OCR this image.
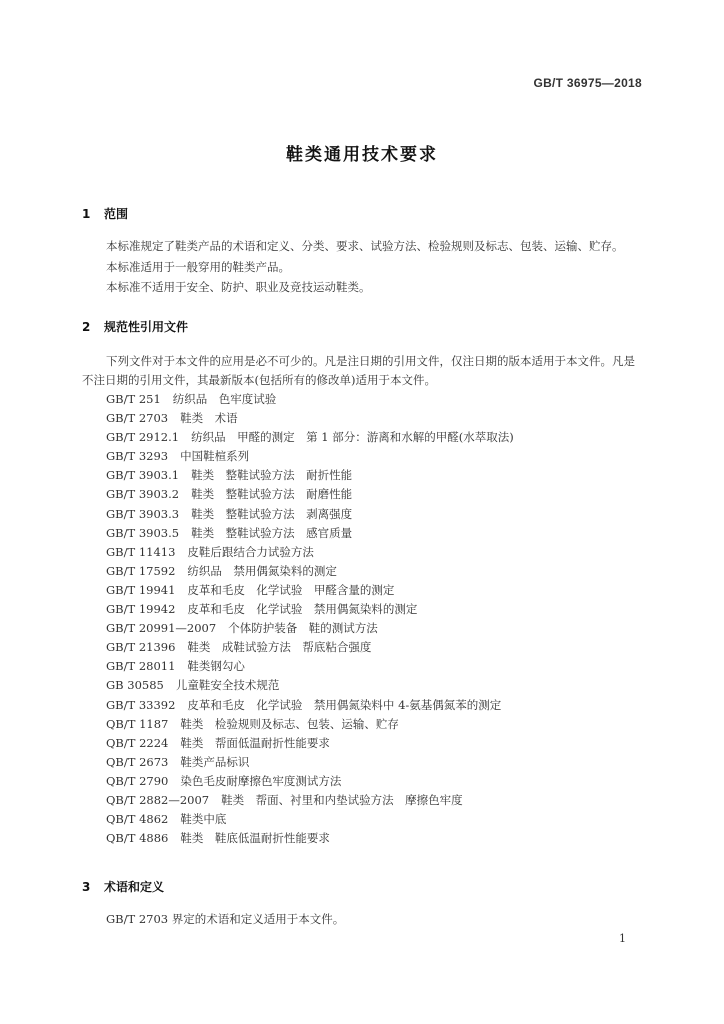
GB/T 36975—2018
鞋类通用技术要求
1 范围
本标准规定了鞋类产品的术语和定义、分类、要求、试验方法、检验规则及标志、包装、运输、贮存。
本标准适用于一般穿用的鞋类产品。
本标准不适用于安全、防护、职业及竞技运动鞋类。
2 规范性引用文件
下列文件对于本文件的应用是必不可少的。凡是注日期的引用文件，仅注日期的版本适用于本文件。凡是不注日期的引用文件，其最新版本(包括所有的修改单)适用于本文件。
GB/T 251 纺织品　色牢度试验
GB/T 2703 鞋类　术语
GB/T 2912.1 纺织品　甲醛的测定　第 1 部分：游离和水解的甲醛(水萃取法)
GB/T 3293 中国鞋楦系列
GB/T 3903.1 鞋类　整鞋试验方法　耐折性能
GB/T 3903.2 鞋类　整鞋试验方法　耐磨性能
GB/T 3903.3 鞋类　整鞋试验方法　剥离强度
GB/T 3903.5 鞋类　整鞋试验方法　感官质量
GB/T 11413 皮鞋后跟结合力试验方法
GB/T 17592 纺织品　禁用偶氮染料的测定
GB/T 19941 皮革和毛皮　化学试验　甲醛含量的测定
GB/T 19942 皮革和毛皮　化学试验　禁用偶氮染料的测定
GB/T 20991—2007 个体防护装备　鞋的测试方法
GB/T 21396 鞋类　成鞋试验方法　帮底粘合强度
GB/T 28011 鞋类钢勾心
GB 30585 儿童鞋安全技术规范
GB/T 33392 皮革和毛皮　化学试验　禁用偶氮染料中 4-氨基偶氮苯的测定
QB/T 1187 鞋类　检验规则及标志、包装、运输、贮存
QB/T 2224 鞋类　帮面低温耐折性能要求
QB/T 2673 鞋类产品标识
QB/T 2790 染色毛皮耐摩擦色牢度测试方法
QB/T 2882—2007 鞋类　帮面、衬里和内垫试验方法　摩擦色牢度
QB/T 4862 鞋类中底
QB/T 4886 鞋类　鞋底低温耐折性能要求
3 术语和定义
GB/T 2703 界定的术语和定义适用于本文件。
1
